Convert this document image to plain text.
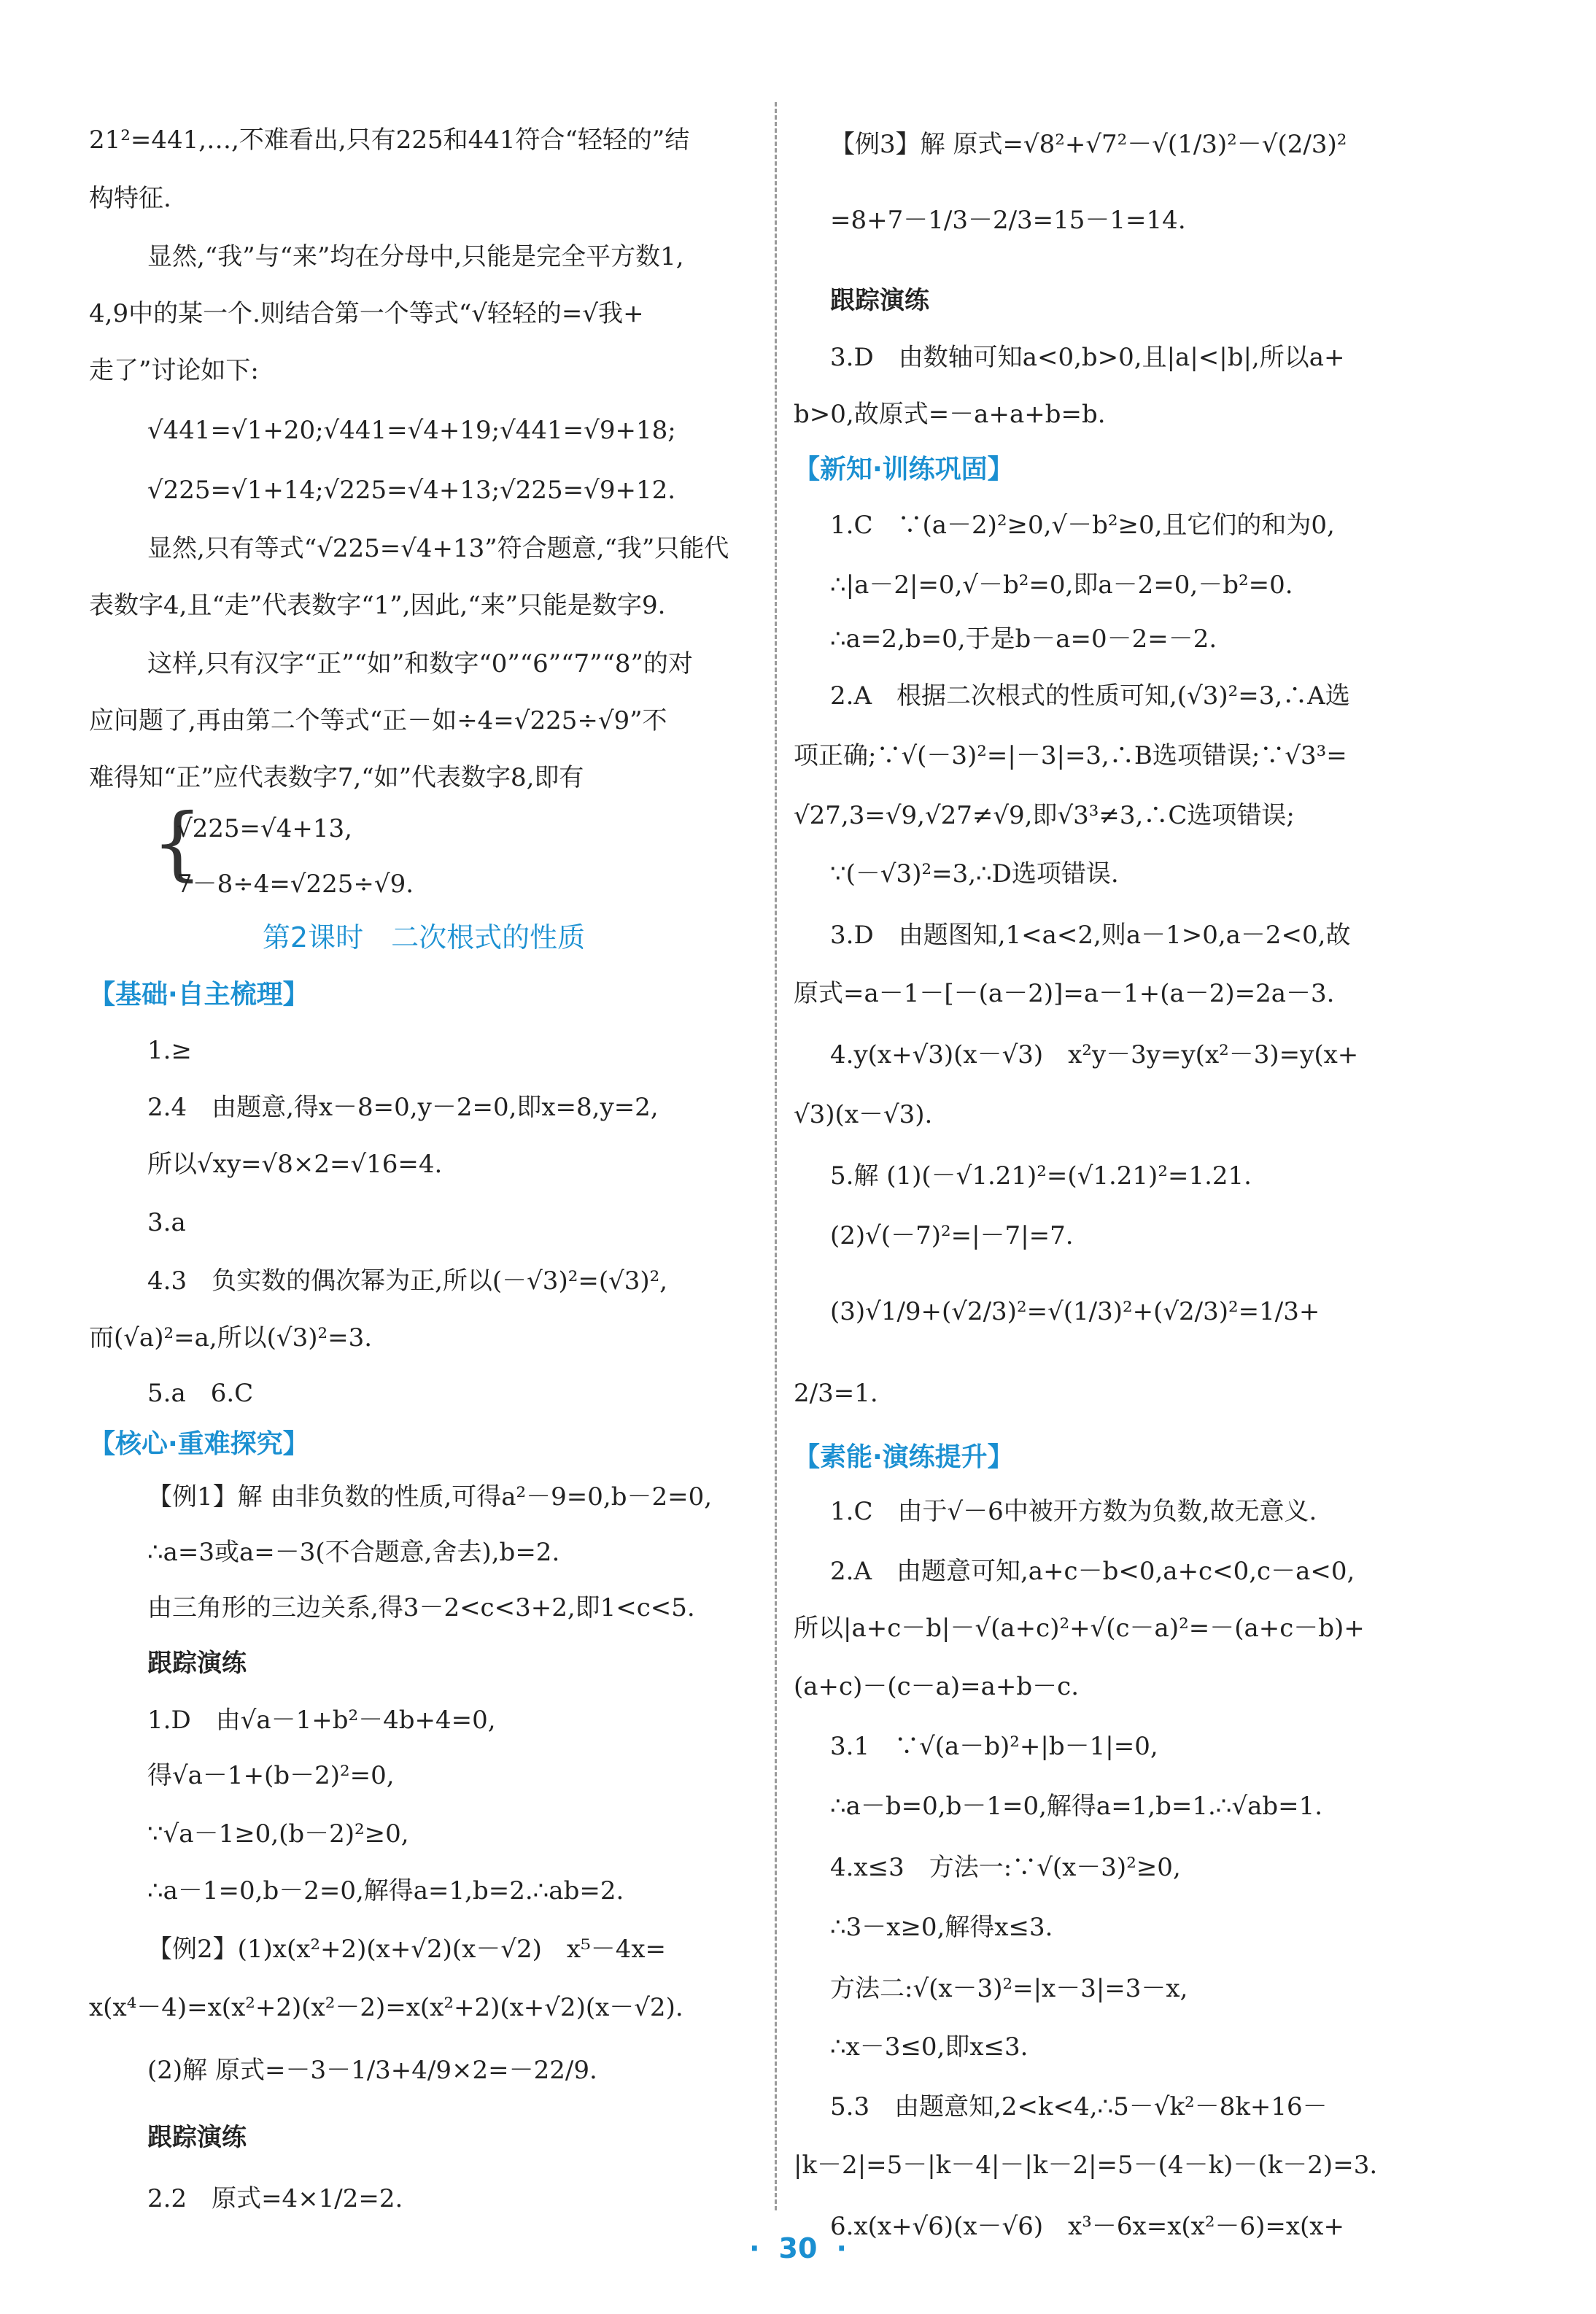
21²=441,…,不难看出,只有225和441符合“轻轻的”结
构特征.
显然,“我”与“来”均在分母中,只能是完全平方数1,
4,9中的某一个.则结合第一个等式“√轻轻的=√我+
走了”讨论如下:
√441=√1+20;√441=√4+19;√441=√9+18;
√225=√1+14;√225=√4+13;√225=√9+12.
显然,只有等式“√225=√4+13”符合题意,“我”只能代
表数字4,且“走”代表数字“1”,因此,“来”只能是数字9.
这样,只有汉字“正”“如”和数字“0”“6”“7”“8”的对
应问题了,再由第二个等式“正－如÷4=√225÷√9”不
难得知“正”应代表数字7,“如”代表数字8,即有
{
√225=√4+13,
7－8÷4=√225÷√9.
第2课时　二次根式的性质
【基础·自主梳理】
1.≥
2.4　由题意,得x－8=0,y－2=0,即x=8,y=2,
所以√xy=√8×2=√16=4.
3.a
4.3　负实数的偶次幂为正,所以(－√3)²=(√3)²,
而(√a)²=a,所以(√3)²=3.
5.a　6.C
【核心·重难探究】
【例1】解 由非负数的性质,可得a²－9=0,b－2=0,
∴a=3或a=－3(不合题意,舍去),b=2.
由三角形的三边关系,得3－2<c<3+2,即1<c<5.
跟踪演练
1.D　由√a－1+b²－4b+4=0,
得√a－1+(b－2)²=0,
∵√a－1≥0,(b－2)²≥0,
∴a－1=0,b－2=0,解得a=1,b=2.∴ab=2.
【例2】(1)x(x²+2)(x+√2)(x－√2)　x⁵－4x=
x(x⁴－4)=x(x²+2)(x²－2)=x(x²+2)(x+√2)(x－√2).
(2)解 原式=－3－1/3+4/9×2=－22/9.
跟踪演练
2.2　原式=4×1/2=2.
【例3】解 原式=√8²+√7²－√(1/3)²－√(2/3)²
=8+7－1/3－2/3=15－1=14.
跟踪演练
3.D　由数轴可知a<0,b>0,且|a|<|b|,所以a+
b>0,故原式=－a+a+b=b.
【新知·训练巩固】
1.C　∵(a－2)²≥0,√－b²≥0,且它们的和为0,
∴|a－2|=0,√－b²=0,即a－2=0,－b²=0.
∴a=2,b=0,于是b－a=0－2=－2.
2.A　根据二次根式的性质可知,(√3)²=3,∴A选
项正确;∵√(－3)²=|－3|=3,∴B选项错误;∵√3³=
√27,3=√9,√27≠√9,即√3³≠3,∴C选项错误;
∵(－√3)²=3,∴D选项错误.
3.D　由题图知,1<a<2,则a－1>0,a－2<0,故
原式=a－1－[－(a－2)]=a－1+(a－2)=2a－3.
4.y(x+√3)(x－√3)　x²y－3y=y(x²－3)=y(x+
√3)(x－√3).
5.解 (1)(－√1.21)²=(√1.21)²=1.21.
(2)√(－7)²=|－7|=7.
(3)√1/9+(√2/3)²=√(1/3)²+(√2/3)²=1/3+
2/3=1.
【素能·演练提升】
1.C　由于√－6中被开方数为负数,故无意义.
2.A　由题意可知,a+c－b<0,a+c<0,c－a<0,
所以|a+c－b|－√(a+c)²+√(c－a)²=－(a+c－b)+
(a+c)－(c－a)=a+b－c.
3.1　∵√(a－b)²+|b－1|=0,
∴a－b=0,b－1=0,解得a=1,b=1.∴√ab=1.
4.x≤3　方法一:∵√(x－3)²≥0,
∴3－x≥0,解得x≤3.
方法二:√(x－3)²=|x－3|=3－x,
∴x－3≤0,即x≤3.
5.3　由题意知,2<k<4,∴5－√k²－8k+16－
|k－2|=5－|k－4|－|k－2|=5－(4－k)－(k－2)=3.
6.x(x+√6)(x－√6)　x³－6x=x(x²－6)=x(x+
· 30 ·
